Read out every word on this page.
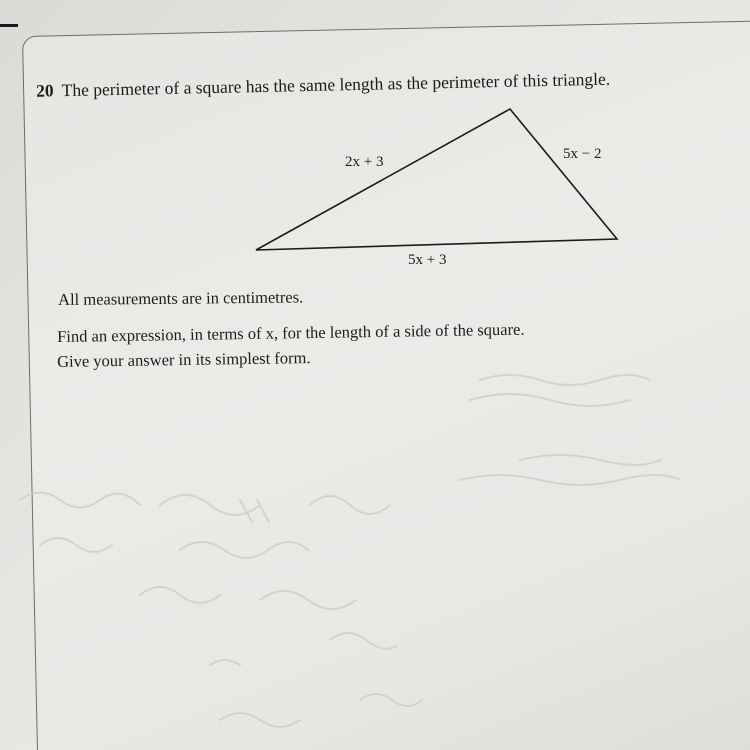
20 The perimeter of a square has the same length as the perimeter of this triangle.
2x + 3	5x − 2
5x + 3
All measurements are in centimetres.
Find an expression, in terms of x, for the length of a side of the square.
Give your answer in its simplest form.
